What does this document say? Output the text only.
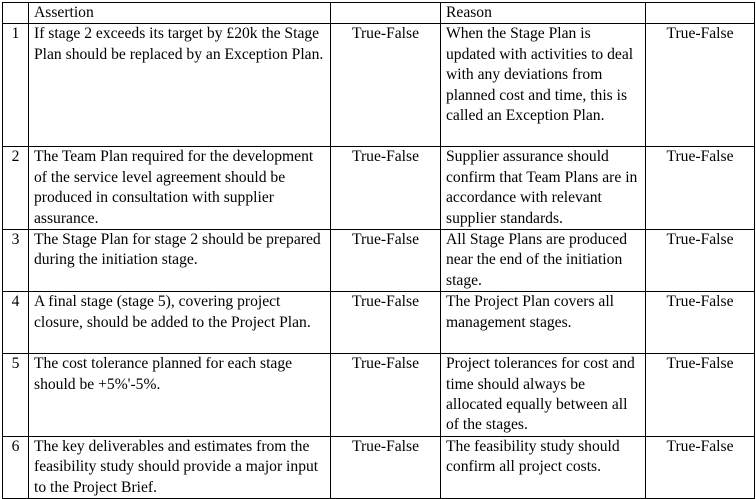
	Assertion		Reason	
1	If stage 2 exceeds its target by £20k the Stage Plan should be replaced by an Exception Plan.	True-False	When the Stage Plan is updated with activities to deal with any deviations from planned cost and time, this is called an Exception Plan.	True-False
2	The Team Plan required for the development of the service level agreement should be produced in consultation with supplier assurance.	True-False	Supplier assurance should confirm that Team Plans are in accordance with relevant supplier standards.	True-False
3	The Stage Plan for stage 2 should be prepared during the initiation stage.	True-False	All Stage Plans are produced near the end of the initiation stage.	True-False
4	A final stage (stage 5), covering project closure, should be added to the Project Plan.	True-False	The Project Plan covers all management stages.	True-False
5	The cost tolerance planned for each stage should be +5%'-5%.	True-False	Project tolerances for cost and time should always be allocated equally between all of the stages.	True-False
6	The key deliverables and estimates from the feasibility study should provide a major input to the Project Brief.	True-False	The feasibility study should confirm all project costs.	True-False
